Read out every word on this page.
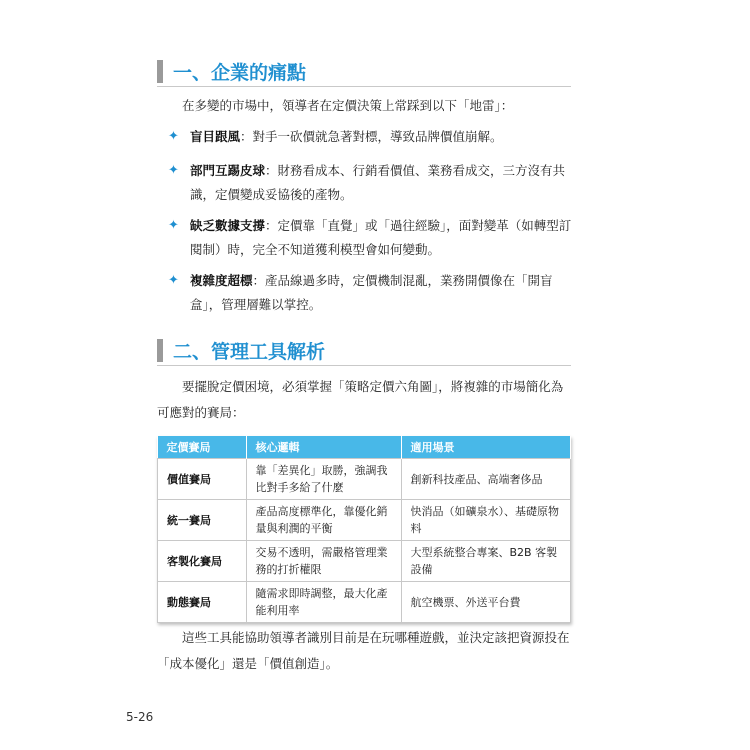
一、企業的痛點

在多變的市場中，領導者在定價決策上常踩到以下「地雷」：

✦ 盲目跟風：對手一砍價就急著對標，導致品牌價值崩解。
✦ 部門互踢皮球：財務看成本、行銷看價值、業務看成交，三方沒有共識，定價變成妥協後的產物。
✦ 缺乏數據支撐：定價靠「直覺」或「過往經驗」，面對變革（如轉型訂閱制）時，完全不知道獲利模型會如何變動。
✦ 複雜度超標：產品線過多時，定價機制混亂，業務開價像在「開盲盒」，管理層難以掌控。
二、管理工具解析

要擺脫定價困境，必須掌握「策略定價六角圖」，將複雜的市場簡化為可應對的賽局：

定價賽局	核心邏輯	適用場景
價值賽局	靠「差異化」取勝，強調我比對手多給了什麼	創新科技產品、高端奢侈品
統一賽局	產品高度標準化，靠優化銷量與利潤的平衡	快消品（如礦泉水）、基礎原物料
客製化賽局	交易不透明，需嚴格管理業務的打折權限	大型系統整合專案、B2B 客製設備
動態賽局	隨需求即時調整，最大化產能利用率	航空機票、外送平台費

這些工具能協助領導者識別目前是在玩哪種遊戲，並決定該把資源投在「成本優化」還是「價值創造」。

5-26
